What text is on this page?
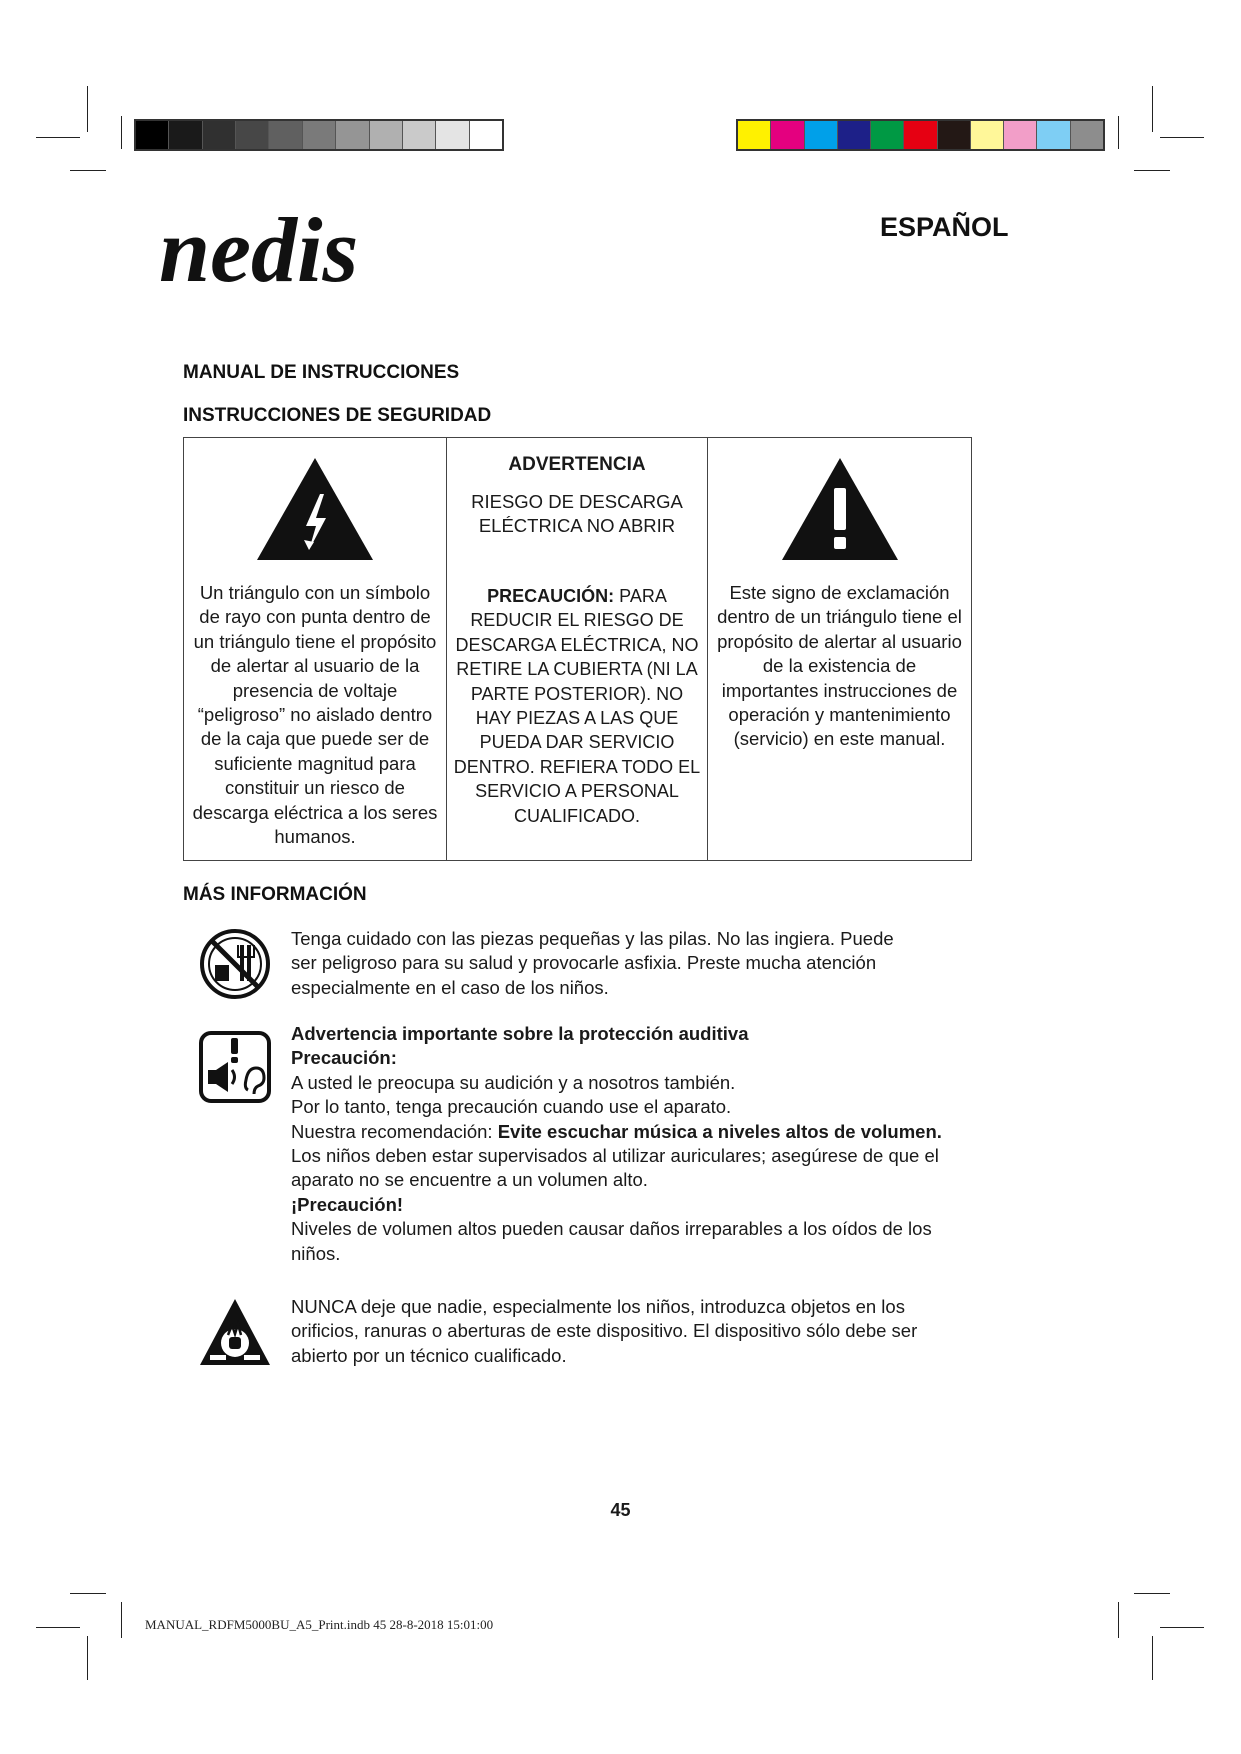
nedis	ESPAÑOL
MANUAL DE INSTRUCCIONES
INSTRUCCIONES DE SEGURIDAD
Un triángulo con un símbolo de rayo con punta dentro de un triángulo tiene el propósito de alertar al usuario de la presencia de voltaje “peligroso” no aislado dentro de la caja que puede ser de suficiente magnitud para constituir un riesco de descarga eléctrica a los seres humanos.
ADVERTENCIA
RIESGO DE DESCARGA ELÉCTRICA NO ABRIR
PRECAUCIÓN: PARA REDUCIR EL RIESGO DE DESCARGA ELÉCTRICA, NO RETIRE LA CUBIERTA (NI LA PARTE POSTERIOR). NO HAY PIEZAS A LAS QUE PUEDA DAR SERVICIO DENTRO. REFIERA TODO EL SERVICIO A PERSONAL CUALIFICADO.
Este signo de exclamación dentro de un triángulo tiene el propósito de alertar al usuario de la existencia de importantes instrucciones de operación y mantenimiento (servicio) en este manual.
MÁS INFORMACIÓN
Tenga cuidado con las piezas pequeñas y las pilas. No las ingiera. Puede
ser peligroso para su salud y provocarle asfixia. Preste mucha atención
especialmente en el caso de los niños.
Advertencia importante sobre la protección auditiva
Precaución:
A usted le preocupa su audición y a nosotros también.
Por lo tanto, tenga precaución cuando use el aparato.
Nuestra recomendación: Evite escuchar música a niveles altos de volumen.
Los niños deben estar supervisados al utilizar auriculares; asegúrese de que el
aparato no se encuentre a un volumen alto.
¡Precaución!
Niveles de volumen altos pueden causar daños irreparables a los oídos de los
niños.
NUNCA deje que nadie, especialmente los niños, introduzca objetos en los
orificios, ranuras o aberturas de este dispositivo. El dispositivo sólo debe ser
abierto por un técnico cualificado.
45
MANUAL_RDFM5000BU_A5_Print.indb 45 28-8-2018 15:01:00
